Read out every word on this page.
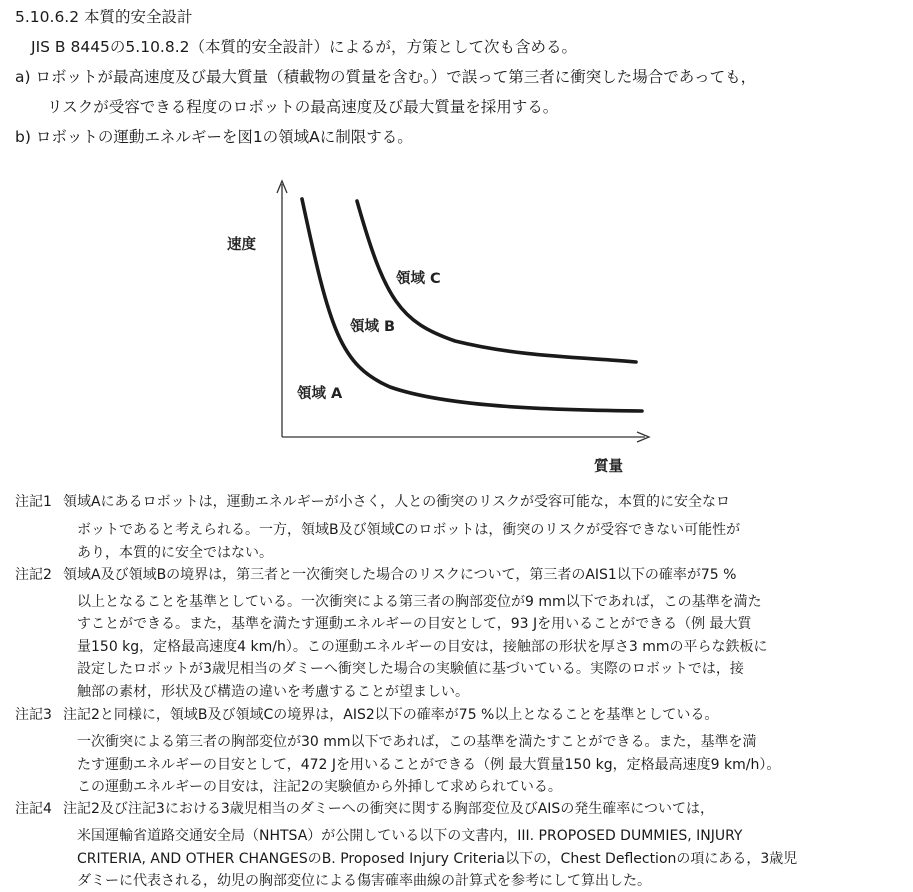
5.10.6.2 本質的安全設計
JIS B 8445の5.10.8.2（本質的安全設計）によるが，方策として次も含める。
a) ロボットが最高速度及び最大質量（積載物の質量を含む。）で誤って第三者に衝突した場合であっても，
リスクが受容できる程度のロボットの最高速度及び最大質量を採用する。
b) ロボットの運動エネルギーを図1の領域Aに制限する。
速度
質量
領域 C
領域 B
領域 A
注記1 領域Aにあるロボットは，運動エネルギーが小さく，人との衝突のリスクが受容可能な，本質的に安全なロ
ボットであると考えられる。一方，領域B及び領域Cのロボットは，衝突のリスクが受容できない可能性が
あり，本質的に安全ではない。
注記2 領域A及び領域Bの境界は，第三者と一次衝突した場合のリスクについて，第三者のAIS1以下の確率が75 %
以上となることを基準としている。一次衝突による第三者の胸部変位が9 mm以下であれば，この基準を満た
すことができる。また，基準を満たす運動エネルギーの目安として，93 Jを用いることができる（例 最大質
量150 kg，定格最高速度4 km/h）。この運動エネルギーの目安は，接触部の形状を厚さ3 mmの平らな鉄板に
設定したロボットが3歳児相当のダミーへ衝突した場合の実験値に基づいている。実際のロボットでは，接
触部の素材，形状及び構造の違いを考慮することが望ましい。
注記3 注記2と同様に，領域B及び領域Cの境界は，AIS2以下の確率が75 %以上となることを基準としている。
一次衝突による第三者の胸部変位が30 mm以下であれば，この基準を満たすことができる。また，基準を満
たす運動エネルギーの目安として，472 Jを用いることができる（例 最大質量150 kg，定格最高速度9 km/h）。
この運動エネルギーの目安は，注記2の実験値から外挿して求められている。
注記4 注記2及び注記3における3歳児相当のダミーへの衝突に関する胸部変位及びAISの発生確率については，
米国運輸省道路交通安全局（NHTSA）が公開している以下の文書内，III. PROPOSED DUMMIES, INJURY
CRITERIA, AND OTHER CHANGESのB. Proposed Injury Criteria以下の，Chest Deflectionの項にある，3歳児
ダミーに代表される，幼児の胸部変位による傷害確率曲線の計算式を参考にして算出した。
